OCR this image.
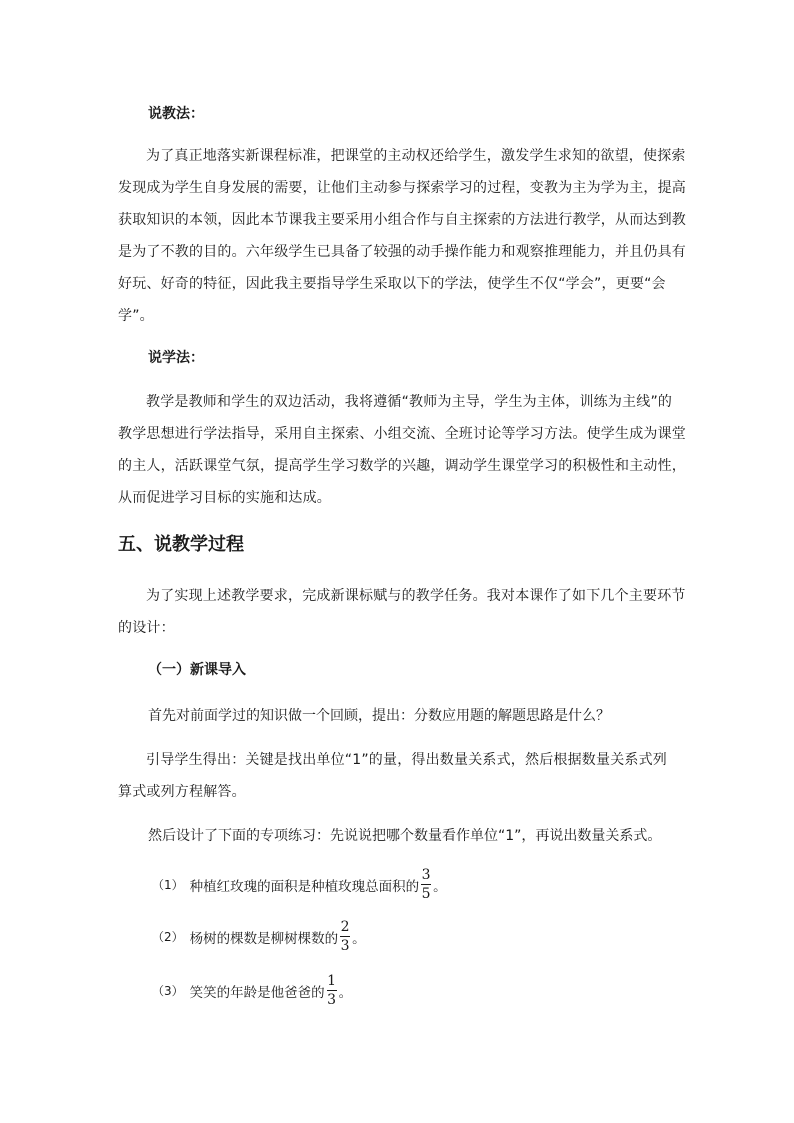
说教法：

为了真正地落实新课程标准，把课堂的主动权还给学生，激发学生求知的欲望，使探索
发现成为学生自身发展的需要，让他们主动参与探索学习的过程，变教为主为学为主，提高
获取知识的本领，因此本节课我主要采用小组合作与自主探索的方法进行教学，从而达到教
是为了不教的目的。六年级学生已具备了较强的动手操作能力和观察推理能力，并且仍具有
好玩、好奇的特征，因此我主要指导学生采取以下的学法，使学生不仅“学会”，更要“会
学”。

说学法：

教学是教师和学生的双边活动，我将遵循“教师为主导，学生为主体，训练为主线”的
教学思想进行学法指导，采用自主探索、小组交流、全班讨论等学习方法。使学生成为课堂
的主人，活跃课堂气氛，提高学生学习数学的兴趣，调动学生课堂学习的积极性和主动性，
从而促进学习目标的实施和达成。

五、说教学过程

为了实现上述教学要求，完成新课标赋与的教学任务。我对本课作了如下几个主要环节
的设计：

（一）新课导入

首先对前面学过的知识做一个回顾，提出：分数应用题的解题思路是什么？

引导学生得出：关键是找出单位“1”的量，得出数量关系式，然后根据数量关系式列
算式或列方程解答。

然后设计了下面的专项练习：先说说把哪个数量看作单位“1”，再说出数量关系式。

（1） 种植红玫瑰的面积是种植玫瑰总面积的 $\frac{3}{5}$ 。
（2） 杨树的棵数是柳树棵数的 $\frac{2}{3}$ 。
（3） 笑笑的年龄是他爸爸的 $\frac{1}{3}$ 。
